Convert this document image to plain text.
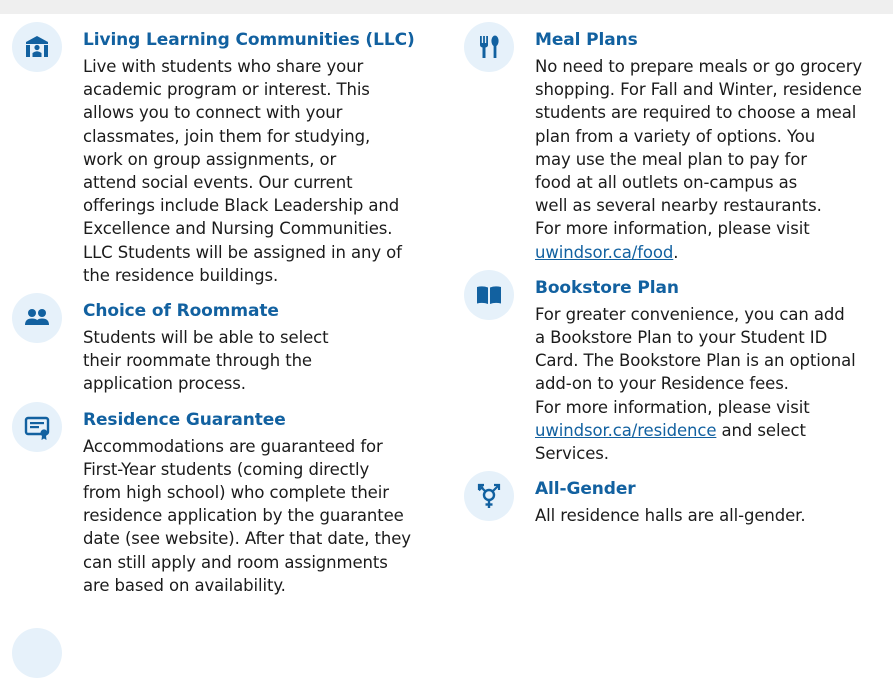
Living Learning Communities (LLC)

Live with students who share your
academic program or interest. This
allows you to connect with your
classmates, join them for studying,
work on group assignments, or
attend social events. Our current
offerings include Black Leadership and
Excellence and Nursing Communities.
LLC Students will be assigned in any of
the residence buildings.

Choice of Roommate

Students will be able to select
their roommate through the
application process.

Residence Guarantee

Accommodations are guaranteed for
First-Year students (coming directly
from high school) who complete their
residence application by the guarantee
date (see website). After that date, they
can still apply and room assignments
are based on availability.

Meal Plans

No need to prepare meals or go grocery
shopping. For Fall and Winter, residence
students are required to choose a meal
plan from a variety of options. You
may use the meal plan to pay for
food at all outlets on-campus as
well as several nearby restaurants.
For more information, please visit
uwindsor.ca/food.

Bookstore Plan

For greater convenience, you can add
a Bookstore Plan to your Student ID
Card. The Bookstore Plan is an optional
add-on to your Residence fees.
For more information, please visit
uwindsor.ca/residence and select
Services.

All-Gender

All residence halls are all-gender.
